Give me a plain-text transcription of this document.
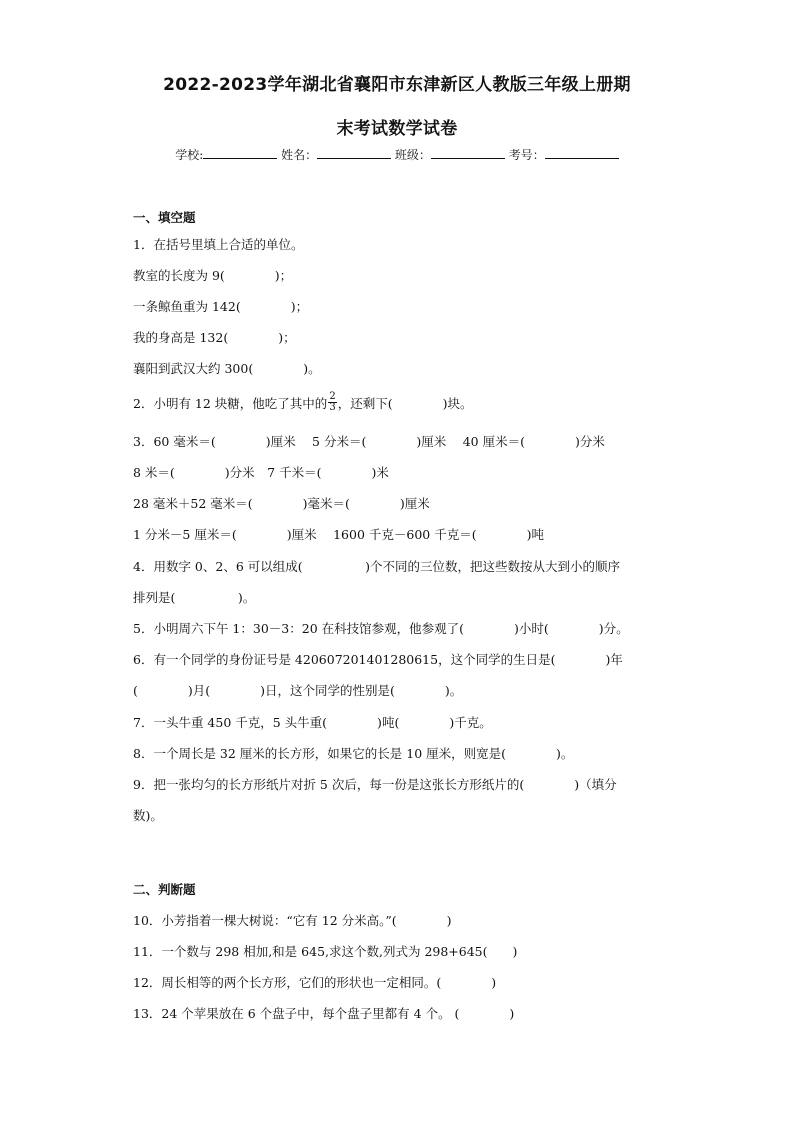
2022-2023学年湖北省襄阳市东津新区人教版三年级上册期
末考试数学试卷
学校:	姓名：	班级：	考号：
一、填空题
1．在括号里填上合适的单位。
教室的长度为 9(　　　　)；
一条鲸鱼重为 142(　　　　)；
我的身高是 132(　　　　)；
襄阳到武汉大约 300(　　　　)。
2．小明有 12 块糖，他吃了其中的 $\frac{2}{3}$ ，还剩下(　　　　)块。
3．60 毫米＝(　　　　)厘米　 5 分米＝(　　　　)厘米　 40 厘米＝(　　　　)分米
8 米＝(　　　　)分米　7 千米＝(　　　　)米
28 毫米＋52 毫米＝(　　　　)毫米＝(　　　　)厘米
1 分米－5 厘米＝(　　　　)厘米　 1600 千克－600 千克＝(　　　　)吨
4．用数字 0、2、6 可以组成(　　　　　)个不同的三位数，把这些数按从大到小的顺序
排列是(　　　　　)。
5．小明周六下午 1：30－3：20 在科技馆参观，他参观了(　　　　)小时(　　　　)分。
6．有一个同学的身份证号是 420607201401280615，这个同学的生日是(　　　　)年
(　　　　)月(　　　　)日，这个同学的性别是(　　　　)。
7．一头牛重 450 千克，5 头牛重(　　　　)吨(　　　　)千克。
8．一个周长是 32 厘米的长方形，如果它的长是 10 厘米，则宽是(　　　　)。
9．把一张均匀的长方形纸片对折 5 次后，每一份是这张长方形纸片的(　　　　)（填分
数)。
二、判断题
10．小芳指着一棵大树说：“它有 12 分米高。”(　　　　)
11．一个数与 298 相加,和是 645,求这个数,列式为 298+645(　　)
12．周长相等的两个长方形，它们的形状也一定相同。(　　　　)
13．24 个苹果放在 6 个盘子中，每个盘子里都有 4 个。 (　　　　)
